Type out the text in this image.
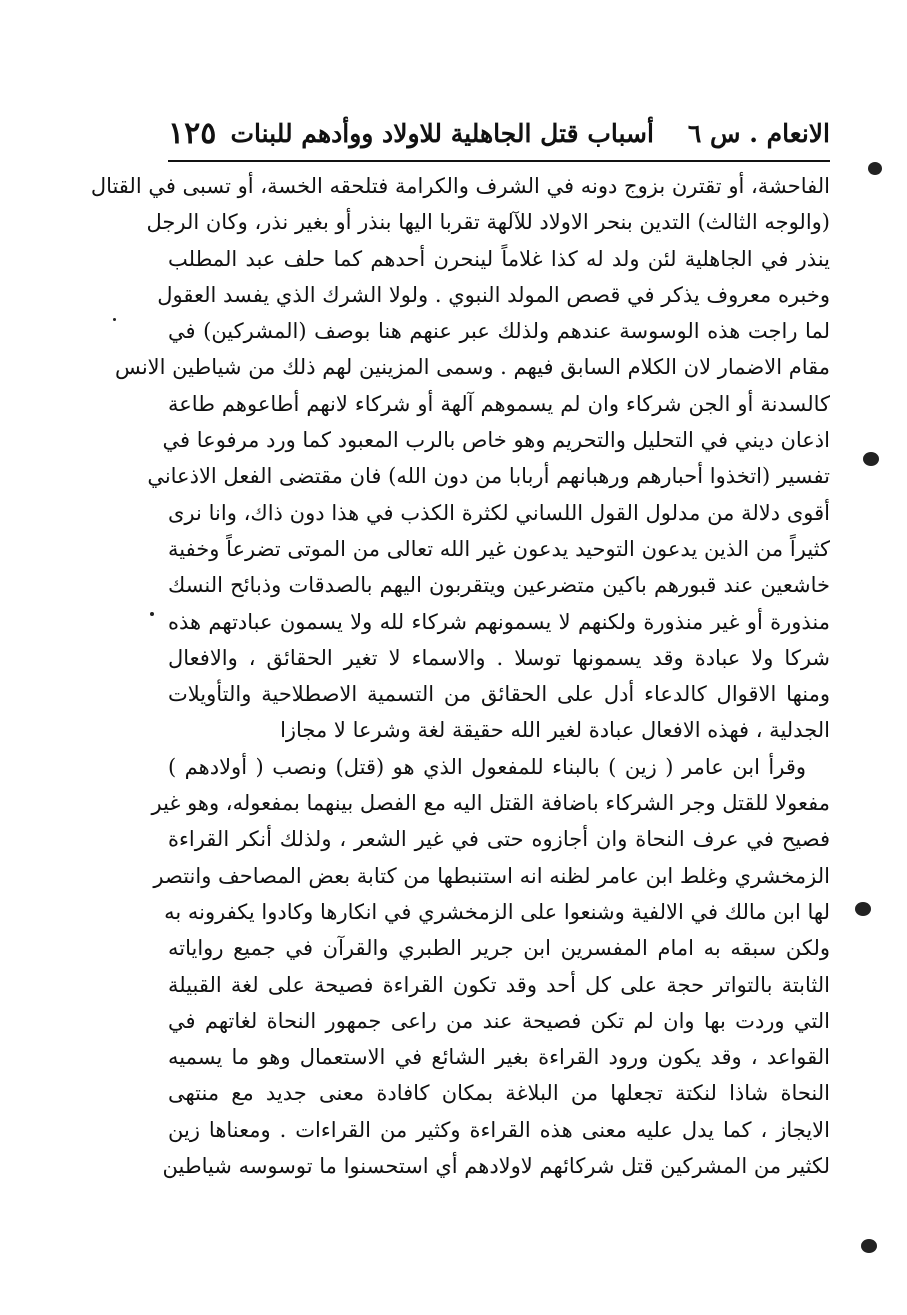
الانعام . س ٦
أسباب قتل الجاهلية للاولاد ووأدهم للبنات
١٢٥
الفاحشة، أو تقترن بزوج دونه في الشرف والكرامة فتلحقه الخسة، أو تسبى في القتال
(والوجه الثالث) التدين بنحر الاولاد للآلهة تقربا اليها بنذر أو بغير نذر، وكان الرجل
ينذر في الجاهلية لئن ولد له كذا غلاماً لينحرن أحدهم كما حلف عبد المطلب
وخبره معروف يذكر في قصص المولد النبوي . ولولا الشرك الذي يفسد العقول
لما راجت هذه الوسوسة عندهم ولذلك عبر عنهم هنا بوصف (المشركين) في
مقام الاضمار لان الكلام السابق فيهم . وسمى المزينين لهم ذلك من شياطين الانس
كالسدنة أو الجن شركاء وان لم يسموهم آلهة أو شركاء لانهم أطاعوهم طاعة
اذعان ديني في التحليل والتحريم وهو خاص بالرب المعبود كما ورد مرفوعا في
تفسير (اتخذوا أحبارهم ورهبانهم أربابا من دون الله) فان مقتضى الفعل الاذعاني
أقوى دلالة من مدلول القول اللساني لكثرة الكذب في هذا دون ذاك، وانا نرى
كثيراً من الذين يدعون التوحيد يدعون غير الله تعالى من الموتى تضرعاً وخفية
خاشعين عند قبورهم باكين متضرعين ويتقربون اليهم بالصدقات وذبائح النسك
منذورة أو غير منذورة ولكنهم لا يسمونهم شركاء لله ولا يسمون عبادتهم هذه
شركا ولا عبادة وقد يسمونها توسلا . والاسماء لا تغير الحقائق ، والافعال
ومنها الاقوال كالدعاء أدل على الحقائق من التسمية الاصطلاحية والتأويلات
الجدلية ، فهذه الافعال عبادة لغير الله حقيقة لغة وشرعا لا مجازا
وقرأ ابن عامر ( زين ) بالبناء للمفعول الذي هو (قتل) ونصب ( أولادهم )
مفعولا للقتل وجر الشركاء باضافة القتل اليه مع الفصل بينهما بمفعوله، وهو غير
فصيح في عرف النحاة وان أجازوه حتى في غير الشعر ، ولذلك أنكر القراءة
الزمخشري وغلط ابن عامر لظنه انه استنبطها من كتابة بعض المصاحف وانتصر
لها ابن مالك في الالفية وشنعوا على الزمخشري في انكارها وكادوا يكفرونه به
ولكن سبقه به امام المفسرين ابن جرير الطبري والقرآن في جميع رواياته
الثابتة بالتواتر حجة على كل أحد وقد تكون القراءة فصيحة على لغة القبيلة
التي وردت بها وان لم تكن فصيحة عند من راعى جمهور النحاة لغاتهم في
القواعد ، وقد يكون ورود القراءة بغير الشائع في الاستعمال وهو ما يسميه
النحاة شاذا لنكتة تجعلها من البلاغة بمكان كافادة معنى جديد مع منتهى
الايجاز ، كما يدل عليه معنى هذه القراءة وكثير من القراءات . ومعناها زين
لكثير من المشركين قتل شركائهم لاولادهم أي استحسنوا ما توسوسه شياطين
